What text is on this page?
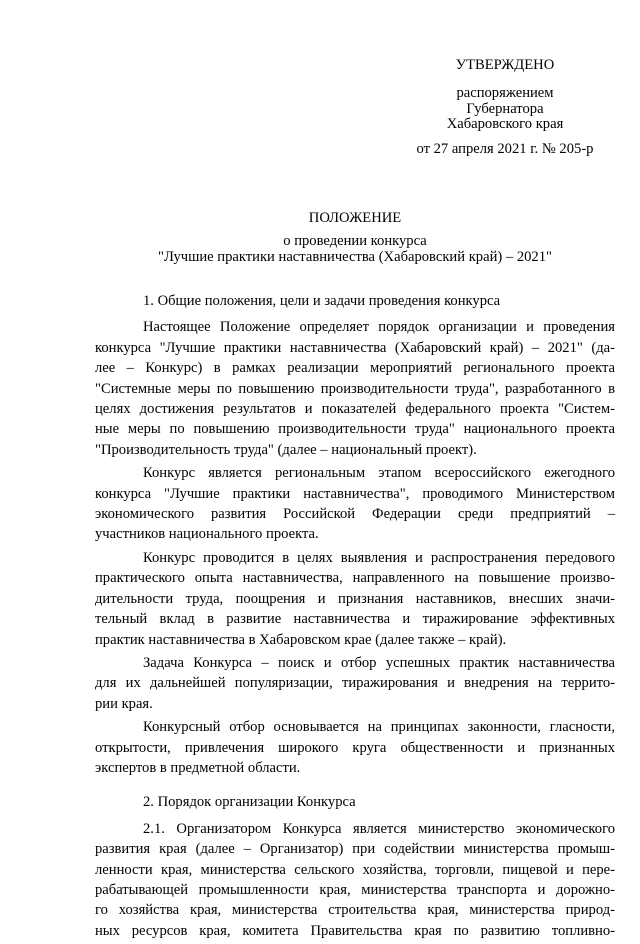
УТВЕРЖДЕНО
распоряжением
Губернатора
Хабаровского края
от 27 апреля 2021 г. № 205-р
ПОЛОЖЕНИЕ
о проведении конкурса
"Лучшие практики наставничества (Хабаровский край) – 2021"
1. Общие положения, цели и задачи проведения конкурса
Настоящее Положение определяет порядок организации и проведения
конкурса "Лучшие практики наставничества (Хабаровский край) – 2021" (да-
лее – Конкурс) в рамках реализации мероприятий регионального проекта
"Системные меры по повышению производительности труда", разработанного в
целях достижения результатов и показателей федерального проекта "Систем-
ные меры по повышению производительности труда" национального проекта
"Производительность труда" (далее – национальный проект).
Конкурс является региональным этапом всероссийского ежегодного
конкурса "Лучшие практики наставничества", проводимого Министерством
экономического развития Российской Федерации среди предприятий –
участников национального проекта.
Конкурс проводится в целях выявления и распространения передового
практического опыта наставничества, направленного на повышение произво-
дительности труда, поощрения и признания наставников, внесших значи-
тельный вклад в развитие наставничества и тиражирование эффективных
практик наставничества в Хабаровском крае (далее также – край).
Задача Конкурса – поиск и отбор успешных практик наставничества
для их дальнейшей популяризации, тиражирования и внедрения на террито-
рии края.
Конкурсный отбор основывается на принципах законности, гласности,
открытости, привлечения широкого круга общественности и признанных
экспертов в предметной области.
2. Порядок организации Конкурса
2.1. Организатором Конкурса является министерство экономического
развития края (далее – Организатор) при содействии министерства промыш-
ленности края, министерства сельского хозяйства, торговли, пищевой и пере-
рабатывающей промышленности края, министерства транспорта и дорожно-
го хозяйства края, министерства строительства края, министерства природ-
ных ресурсов края, комитета Правительства края по развитию топливно-
